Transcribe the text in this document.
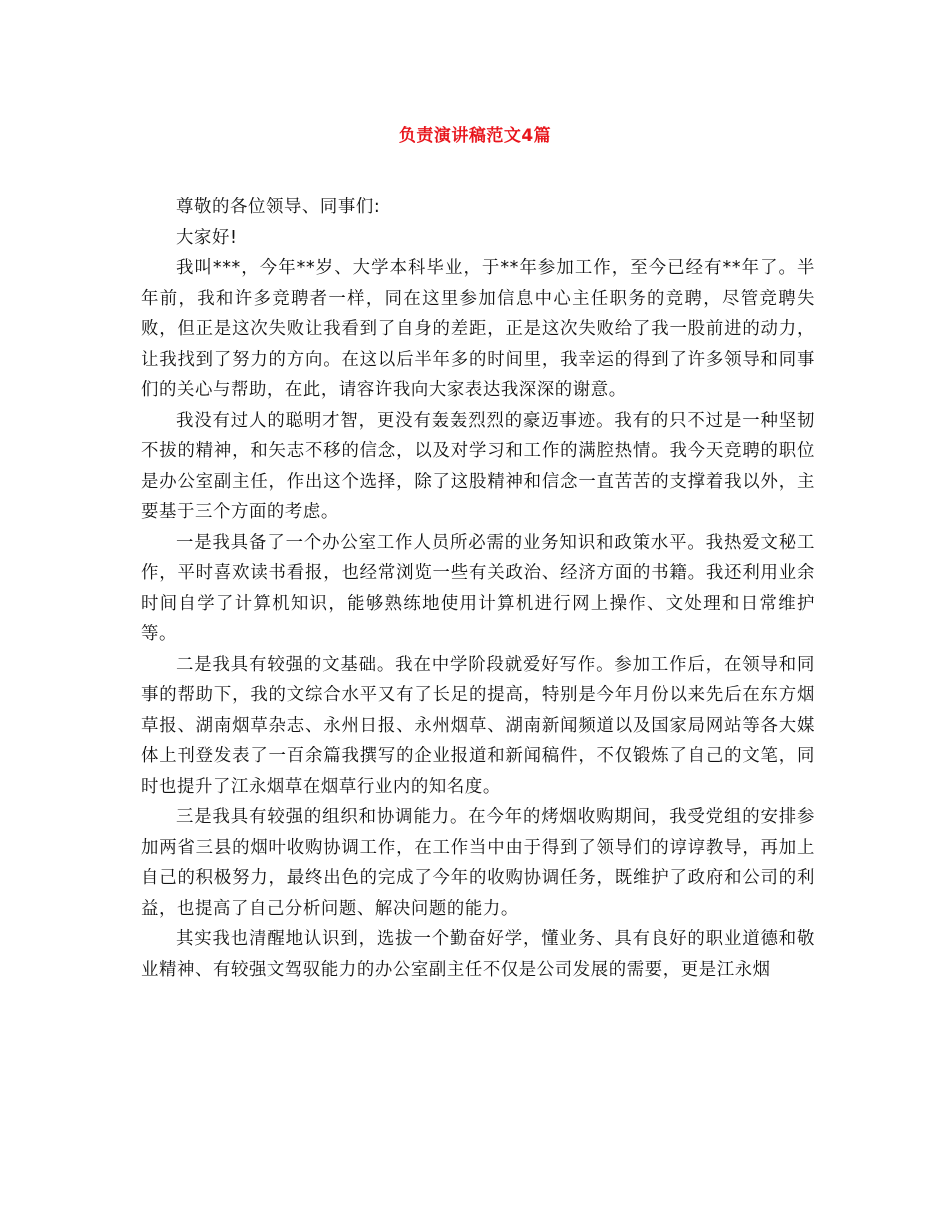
负责演讲稿范文4篇

尊敬的各位领导、同事们:

大家好!

我叫***，今年**岁、大学本科毕业，于**年参加工作，至今已经有**年了。半年前，我和许多竞聘者一样，同在这里参加信息中心主任职务的竞聘，尽管竞聘失败，但正是这次失败让我看到了自身的差距，正是这次失败给了我一股前进的动力，让我找到了努力的方向。在这以后半年多的时间里，我幸运的得到了许多领导和同事们的关心与帮助，在此，请容许我向大家表达我深深的谢意。

我没有过人的聪明才智，更没有轰轰烈烈的豪迈事迹。我有的只不过是一种坚韧不拔的精神，和矢志不移的信念，以及对学习和工作的满腔热情。我今天竞聘的职位是办公室副主任，作出这个选择，除了这股精神和信念一直苦苦的支撑着我以外，主要基于三个方面的考虑。

一是我具备了一个办公室工作人员所必需的业务知识和政策水平。我热爱文秘工作，平时喜欢读书看报，也经常浏览一些有关政治、经济方面的书籍。我还利用业余时间自学了计算机知识，能够熟练地使用计算机进行网上操作、文处理和日常维护等。

二是我具有较强的文基础。我在中学阶段就爱好写作。参加工作后，在领导和同事的帮助下，我的文综合水平又有了长足的提高，特别是今年月份以来先后在东方烟草报、湖南烟草杂志、永州日报、永州烟草、湖南新闻频道以及国家局网站等各大媒体上刊登发表了一百余篇我撰写的企业报道和新闻稿件，不仅锻炼了自己的文笔，同时也提升了江永烟草在烟草行业内的知名度。

三是我具有较强的组织和协调能力。在今年的烤烟收购期间，我受党组的安排参加两省三县的烟叶收购协调工作，在工作当中由于得到了领导们的谆谆教导，再加上自己的积极努力，最终出色的完成了今年的收购协调任务，既维护了政府和公司的利益，也提高了自己分析问题、解决问题的能力。

其实我也清醒地认识到，选拔一个勤奋好学，懂业务、具有良好的职业道德和敬业精神、有较强文驾驭能力的办公室副主任不仅是公司发展的需要，更是江永烟
